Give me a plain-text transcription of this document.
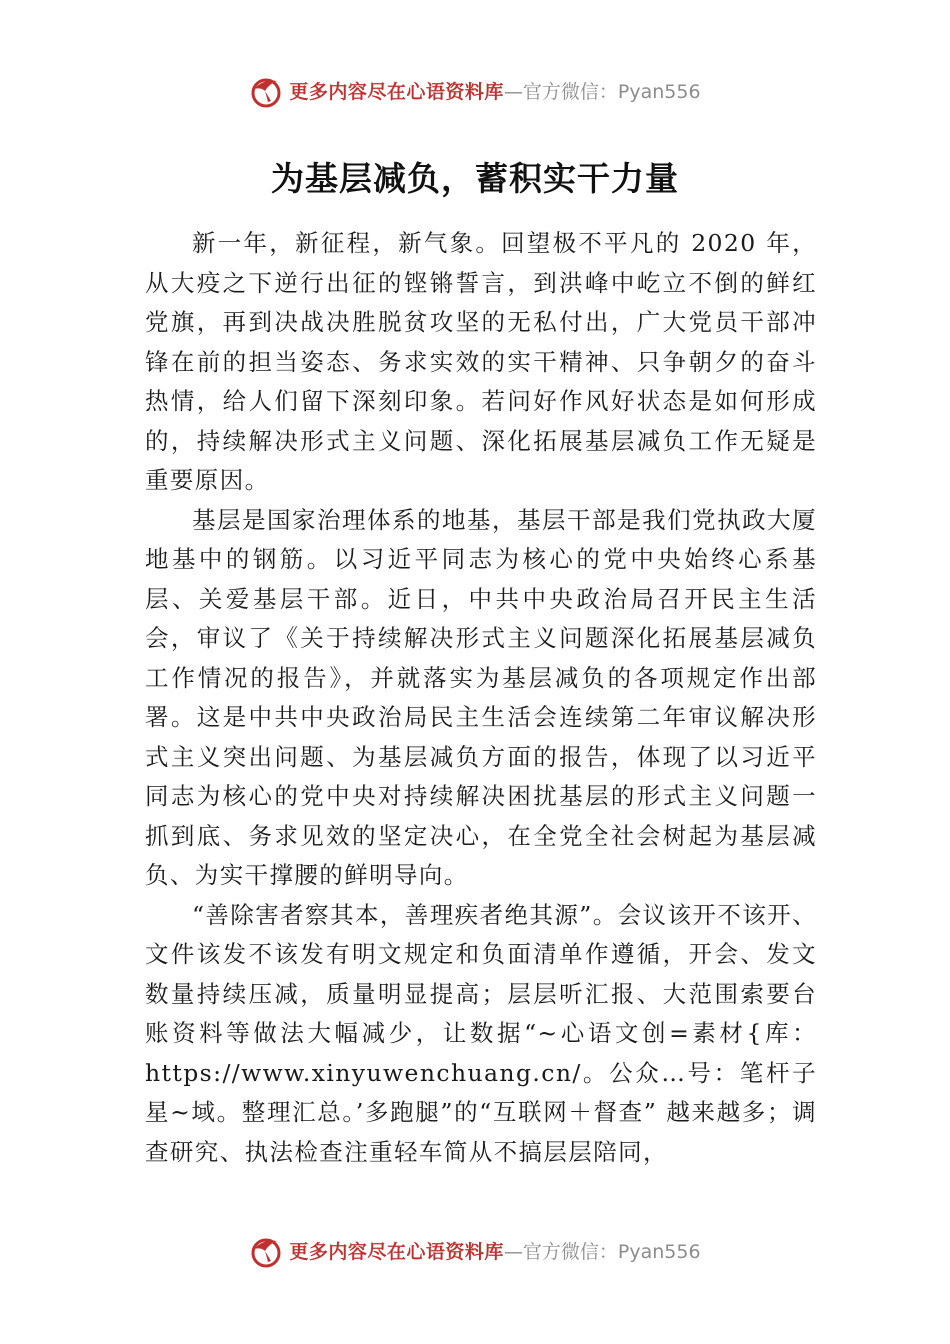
更多内容尽在心语资料库 — 官方微信：Pyan556
为基层减负，蓄积实干力量

新一年，新征程，新气象。回望极不平凡的 2020 年，从大疫之下逆行出征的铿锵誓言，到洪峰中屹立不倒的鲜红党旗，再到决战决胜脱贫攻坚的无私付出，广大党员干部冲锋在前的担当姿态、务求实效的实干精神、只争朝夕的奋斗热情，给人们留下深刻印象。若问好作风好状态是如何形成的，持续解决形式主义问题、深化拓展基层减负工作无疑是重要原因。

基层是国家治理体系的地基，基层干部是我们党执政大厦地基中的钢筋。以习近平同志为核心的党中央始终心系基层、关爱基层干部。近日，中共中央政治局召开民主生活会，审议了《关于持续解决形式主义问题深化拓展基层减负工作情况的报告》，并就落实为基层减负的各项规定作出部署。这是中共中央政治局民主生活会连续第二年审议解决形式主义突出问题、为基层减负方面的报告，体现了以习近平同志为核心的党中央对持续解决困扰基层的形式主义问题一抓到底、务求见效的坚定决心，在全党全社会树起为基层减负、为实干撑腰的鲜明导向。

“善除害者察其本，善理疾者绝其源”。会议该开不该开、文件该发不该发有明文规定和负面清单作遵循，开会、发文数量持续压减，质量明显提高；层层听汇报、大范围索要台账资料等做法大幅减少，让数据“~心语文创=素材{库：https://www.xinyuwenchuang.cn/。公众…号：笔杆子星~域。整理汇总。’多跑腿”的“互联网＋督查” 越来越多；调查研究、执法检查注重轻车简从不搞层层陪同，

更多内容尽在心语资料库 — 官方微信：Pyan556
